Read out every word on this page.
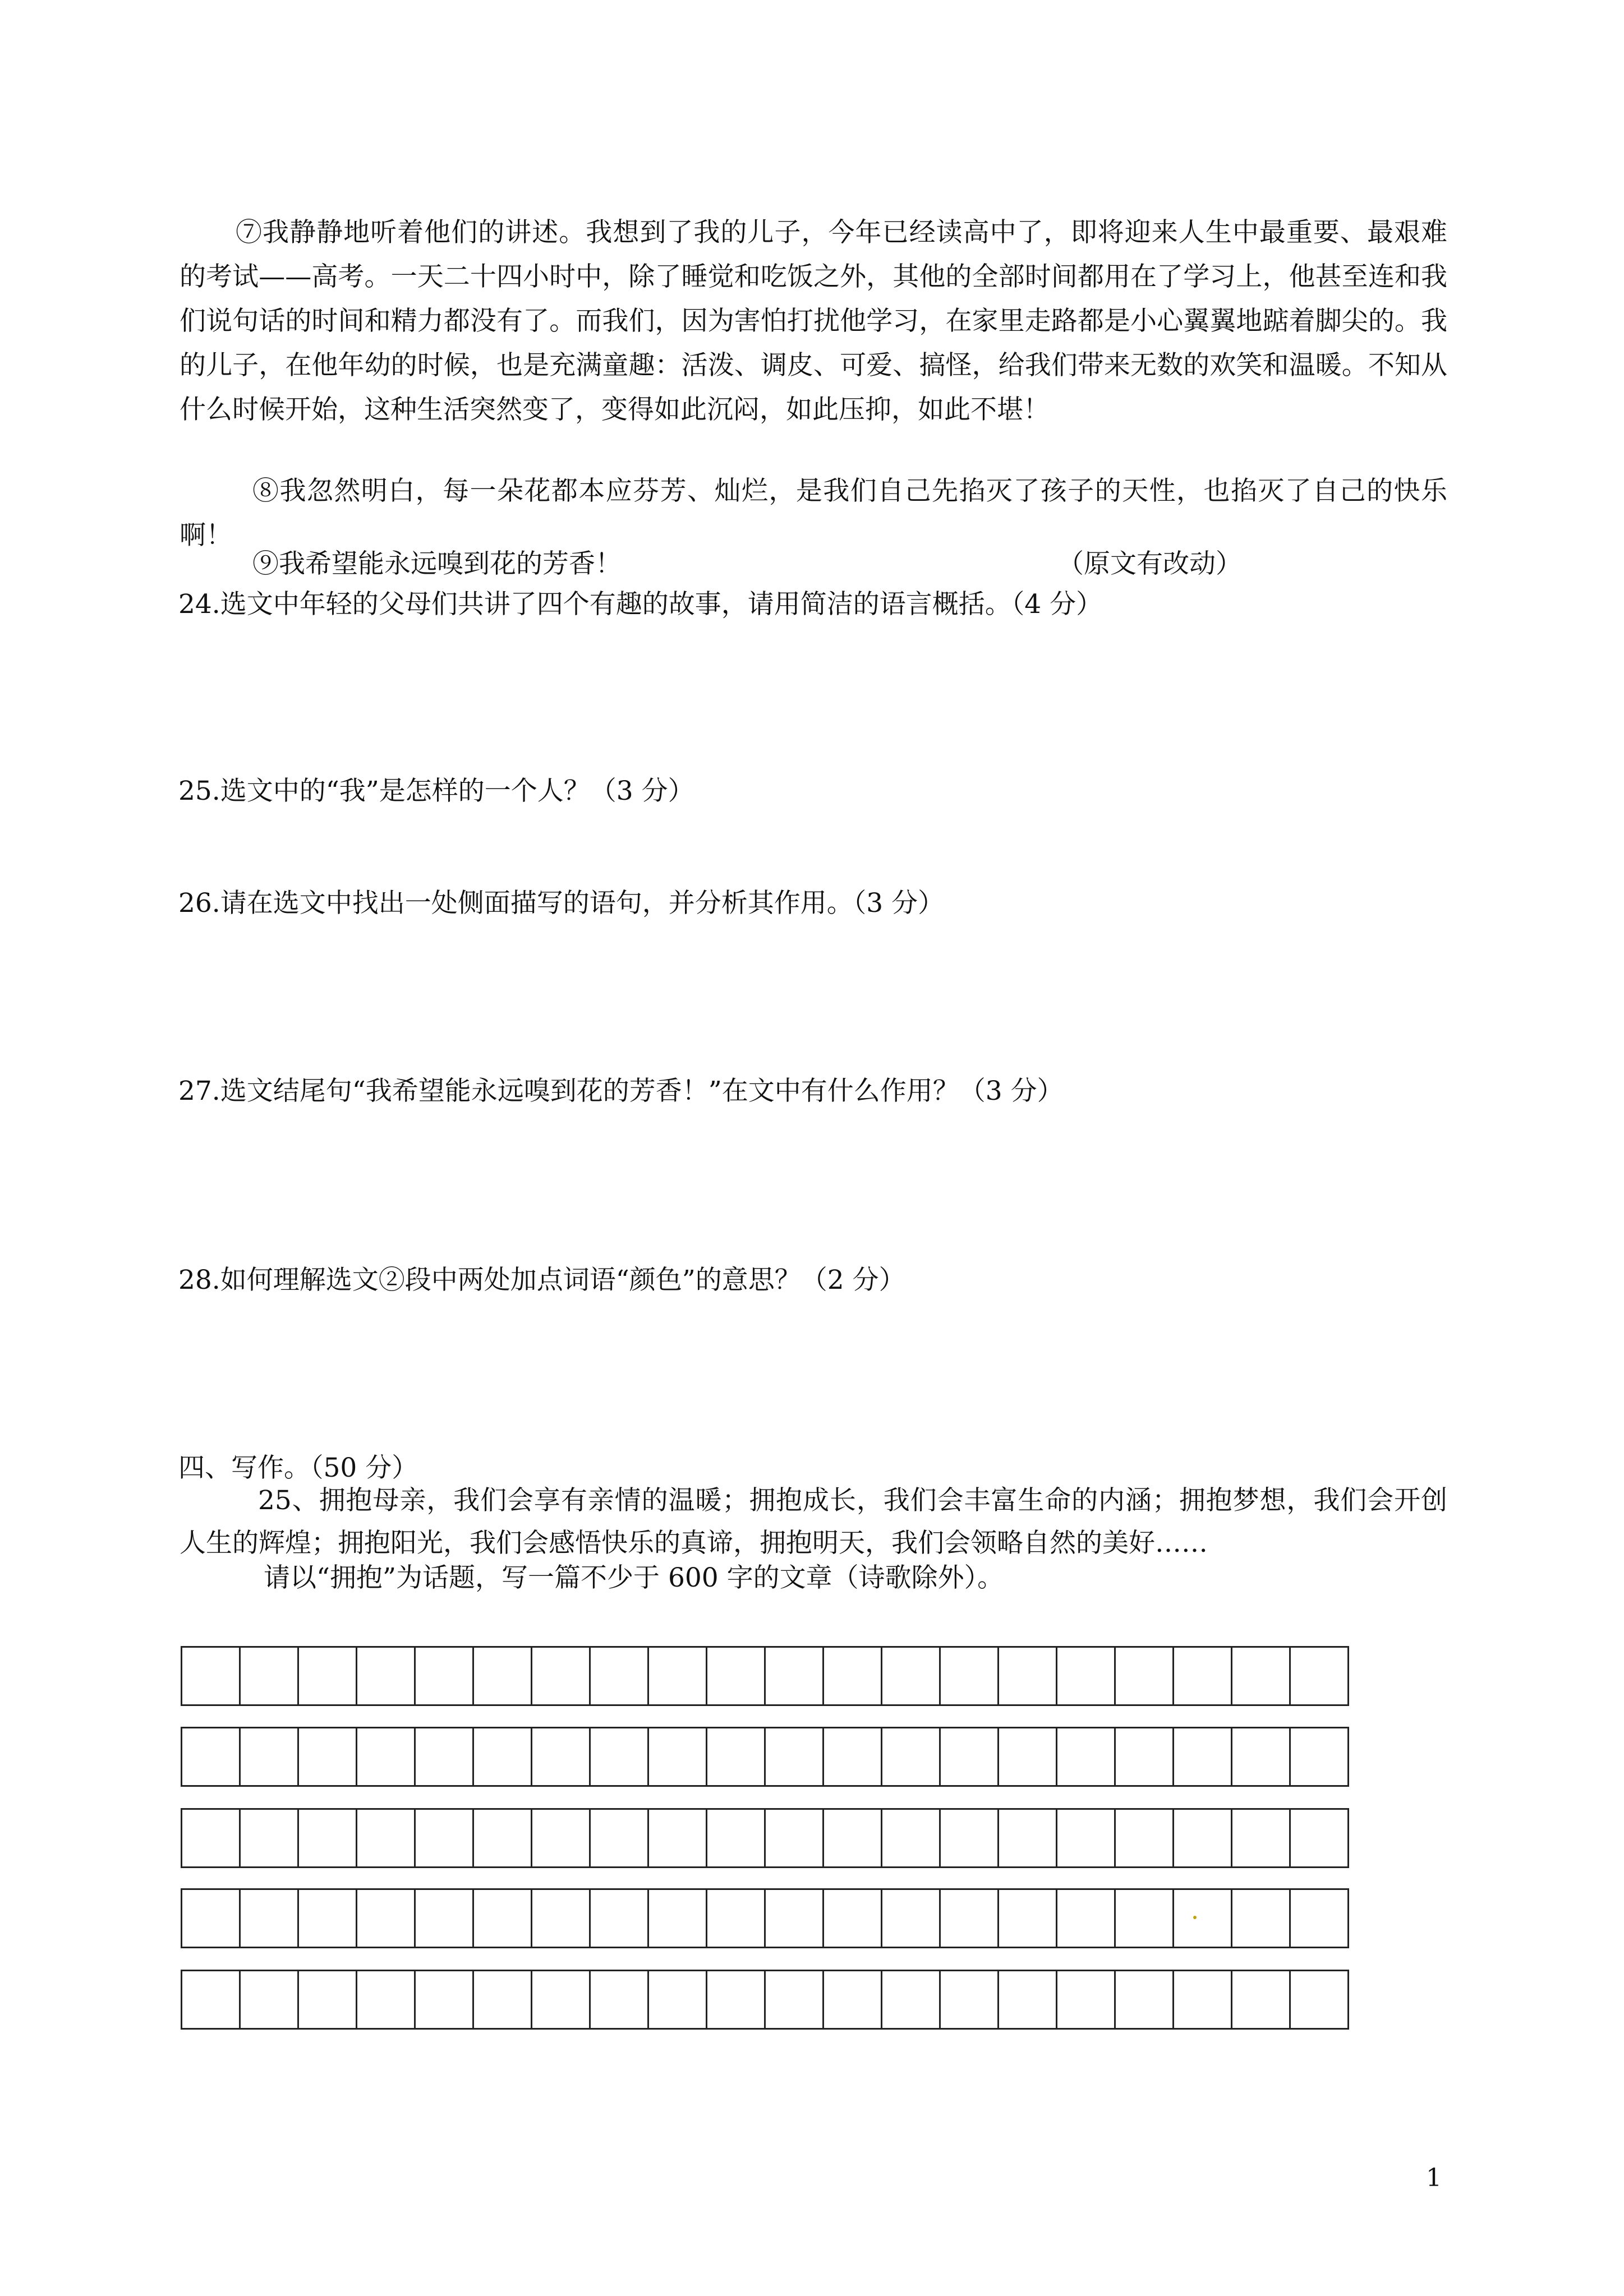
⑦我静静地听着他们的讲述。我想到了我的儿子，今年已经读高中了，即将迎来人生中最重要、最艰难的考试——高考。一天二十四小时中，除了睡觉和吃饭之外，其他的全部时间都用在了学习上，他甚至连和我们说句话的时间和精力都没有了。而我们，因为害怕打扰他学习，在家里走路都是小心翼翼地踮着脚尖的。我的儿子，在他年幼的时候，也是充满童趣：活泼、调皮、可爱、搞怪，给我们带来无数的欢笑和温暖。不知从什么时候开始，这种生活突然变了，变得如此沉闷，如此压抑，如此不堪！

⑧我忽然明白，每一朵花都本应芬芳、灿烂，是我们自己先掐灭了孩子的天性，也掐灭了自己的快乐啊！

⑨我希望能永远嗅到花的芳香！	（原文有改动）
24.选文中年轻的父母们共讲了四个有趣的故事，请用简洁的语言概括。（4 分）
25.选文中的“我”是怎样的一个人？（3 分）
26.请在选文中找出一处侧面描写的语句，并分析其作用。（3 分）
27.选文结尾句“我希望能永远嗅到花的芳香！”在文中有什么作用？（3 分）
28.如何理解选文②段中两处加点词语“颜色”的意思？（2 分）
四、写作。（50 分）

25、拥抱母亲，我们会享有亲情的温暖；拥抱成长，我们会丰富生命的内涵；拥抱梦想，我们会开创人生的辉煌；拥抱阳光，我们会感悟快乐的真谛，拥抱明天，我们会领略自然的美好……

请以“拥抱”为话题，写一篇不少于 600 字的文章（诗歌除外）。

1
